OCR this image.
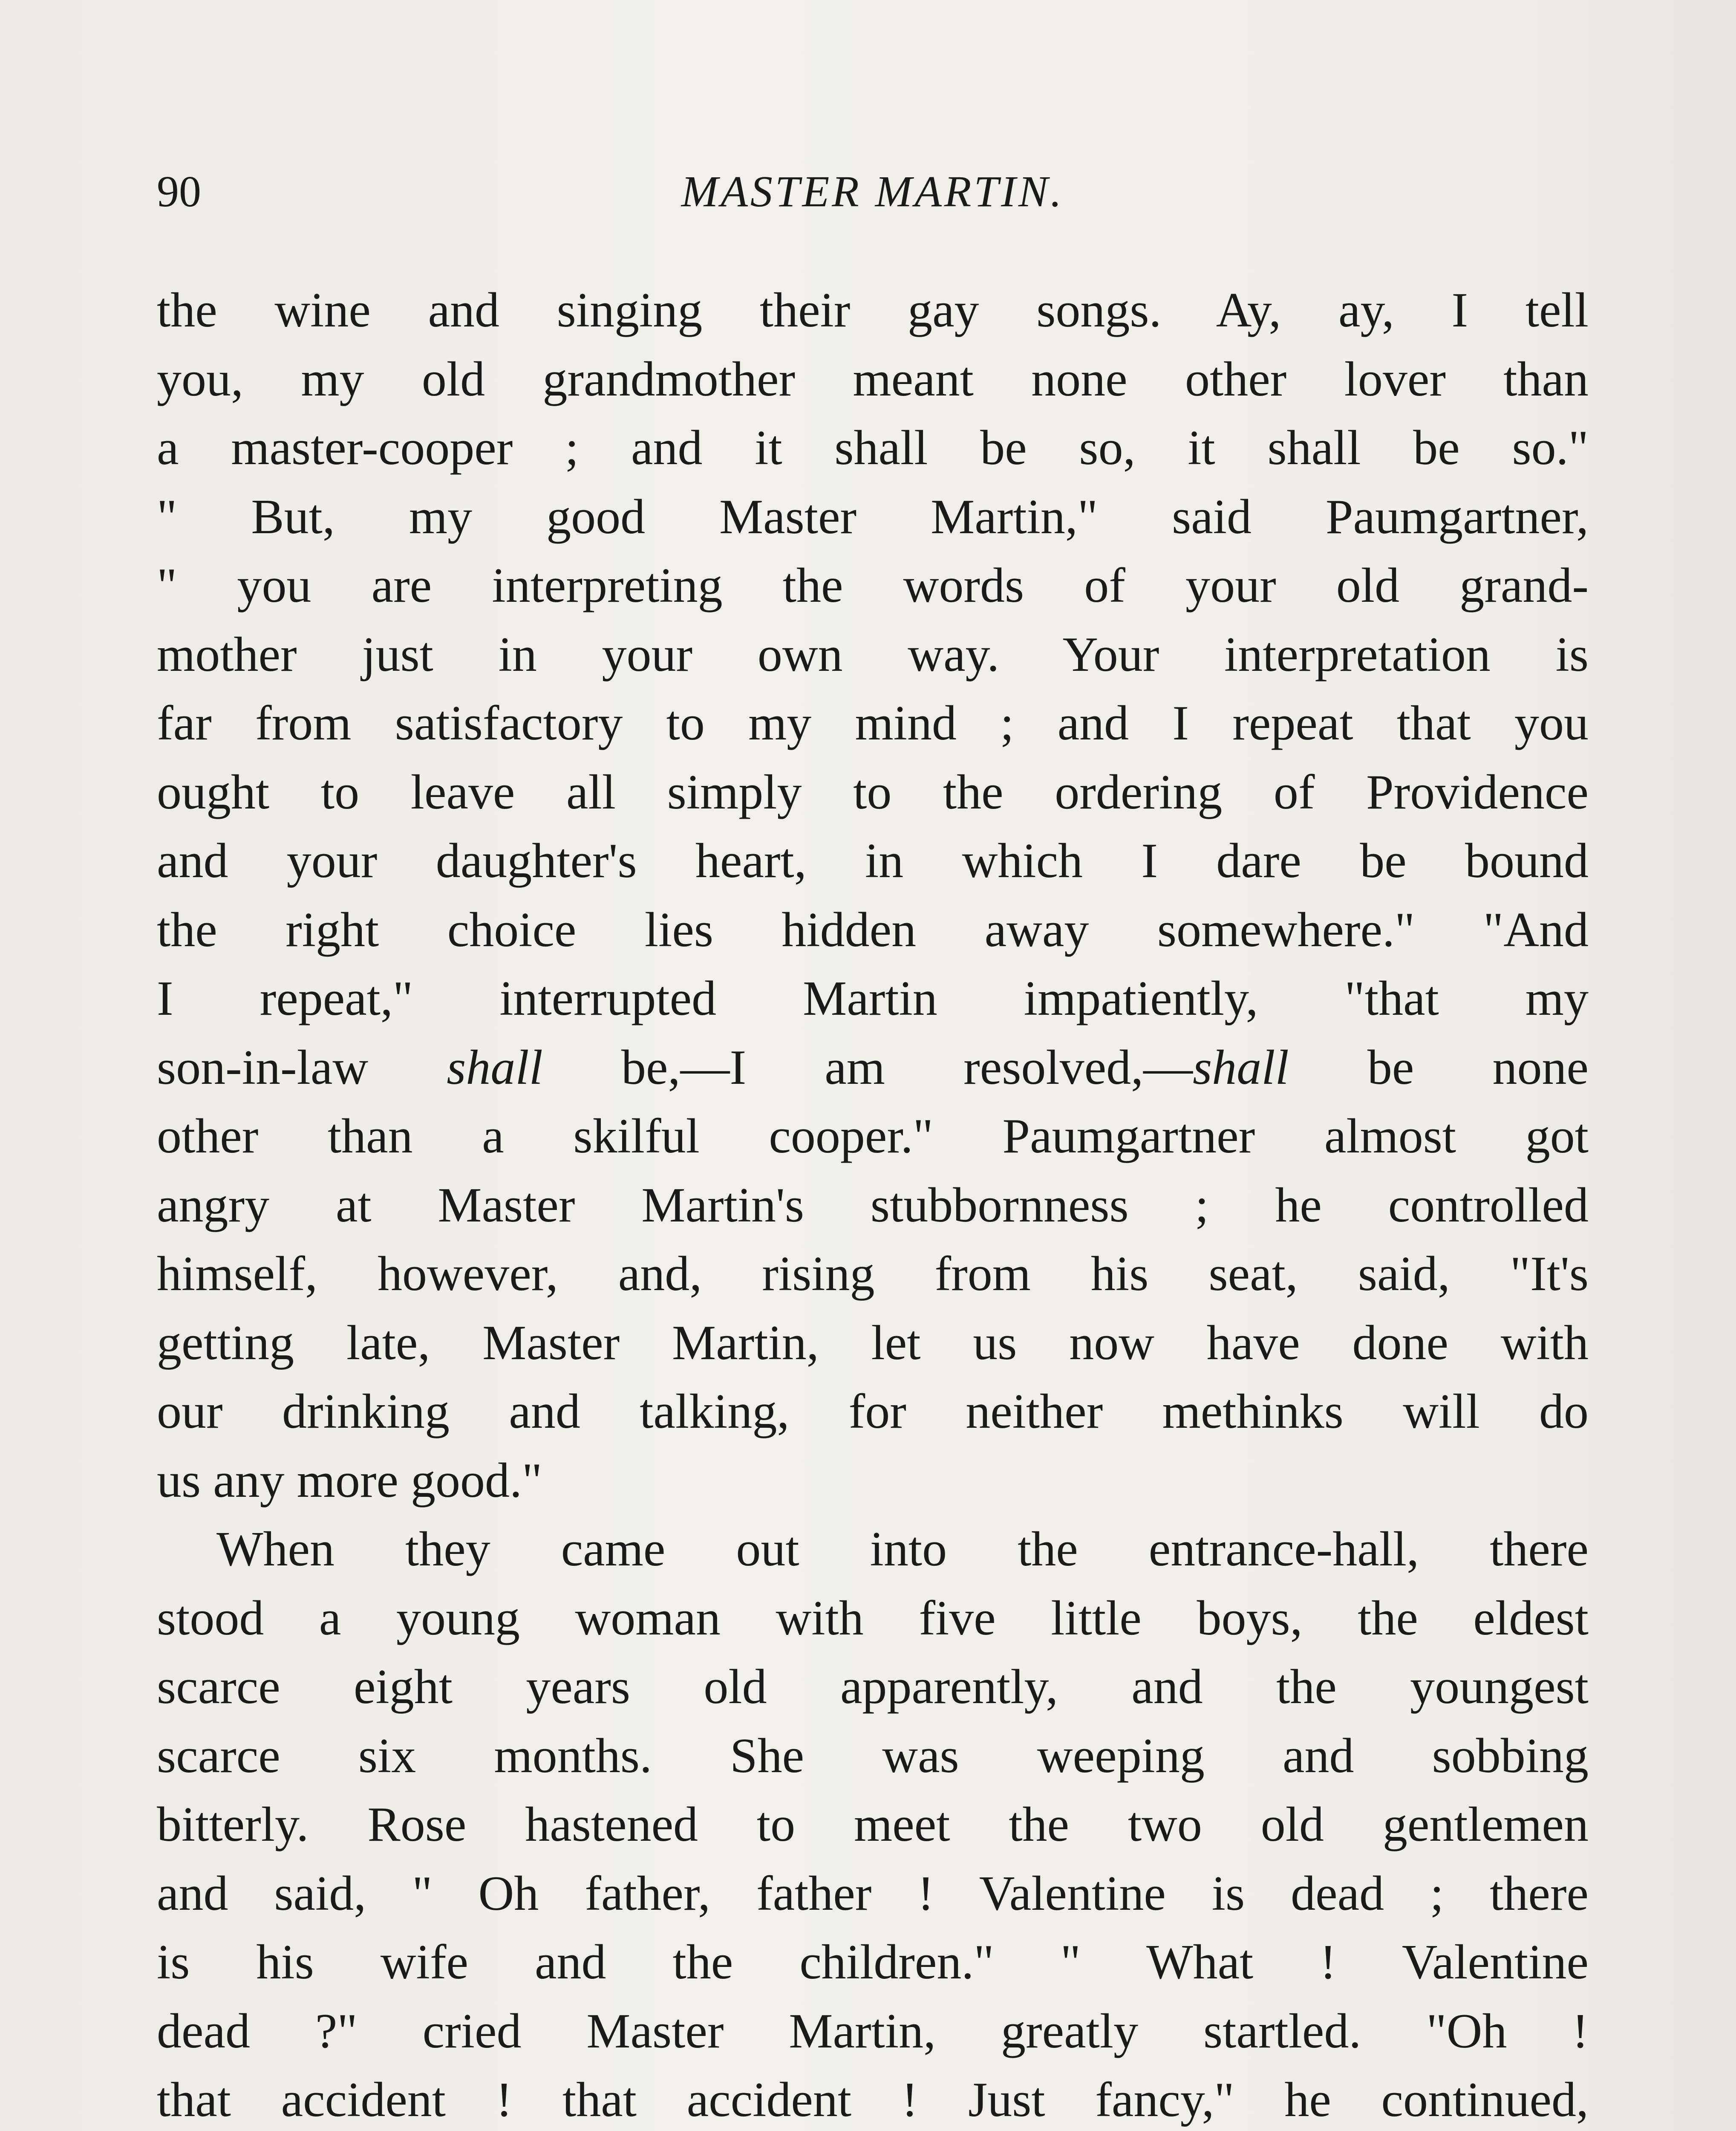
90	MASTER MARTIN.
the wine and singing their gay songs. Ay, ay, I tell
you, my old grandmother meant none other lover than
a master-cooper ; and it shall be so, it shall be so."
" But, my good Master Martin," said Paumgartner,
" you are interpreting the words of your old grand-
mother just in your own way. Your interpretation is
far from satisfactory to my mind ; and I repeat that you
ought to leave all simply to the ordering of Providence
and your daughter's heart, in which I dare be bound
the right choice lies hidden away somewhere." "And
I repeat," interrupted Martin impatiently, "that my
son-in-law shall be,—I am resolved,—shall be none
other than a skilful cooper." Paumgartner almost got
angry at Master Martin's stubbornness ; he controlled
himself, however, and, rising from his seat, said, "It's
getting late, Master Martin, let us now have done with
our drinking and talking, for neither methinks will do
us any more good."
When they came out into the entrance-hall, there
stood a young woman with five little boys, the eldest
scarce eight years old apparently, and the youngest
scarce six months. She was weeping and sobbing
bitterly. Rose hastened to meet the two old gentlemen
and said, " Oh father, father ! Valentine is dead ; there
is his wife and the children." " What ! Valentine
dead ?" cried Master Martin, greatly startled. "Oh !
that accident ! that accident ! Just fancy," he continued,
